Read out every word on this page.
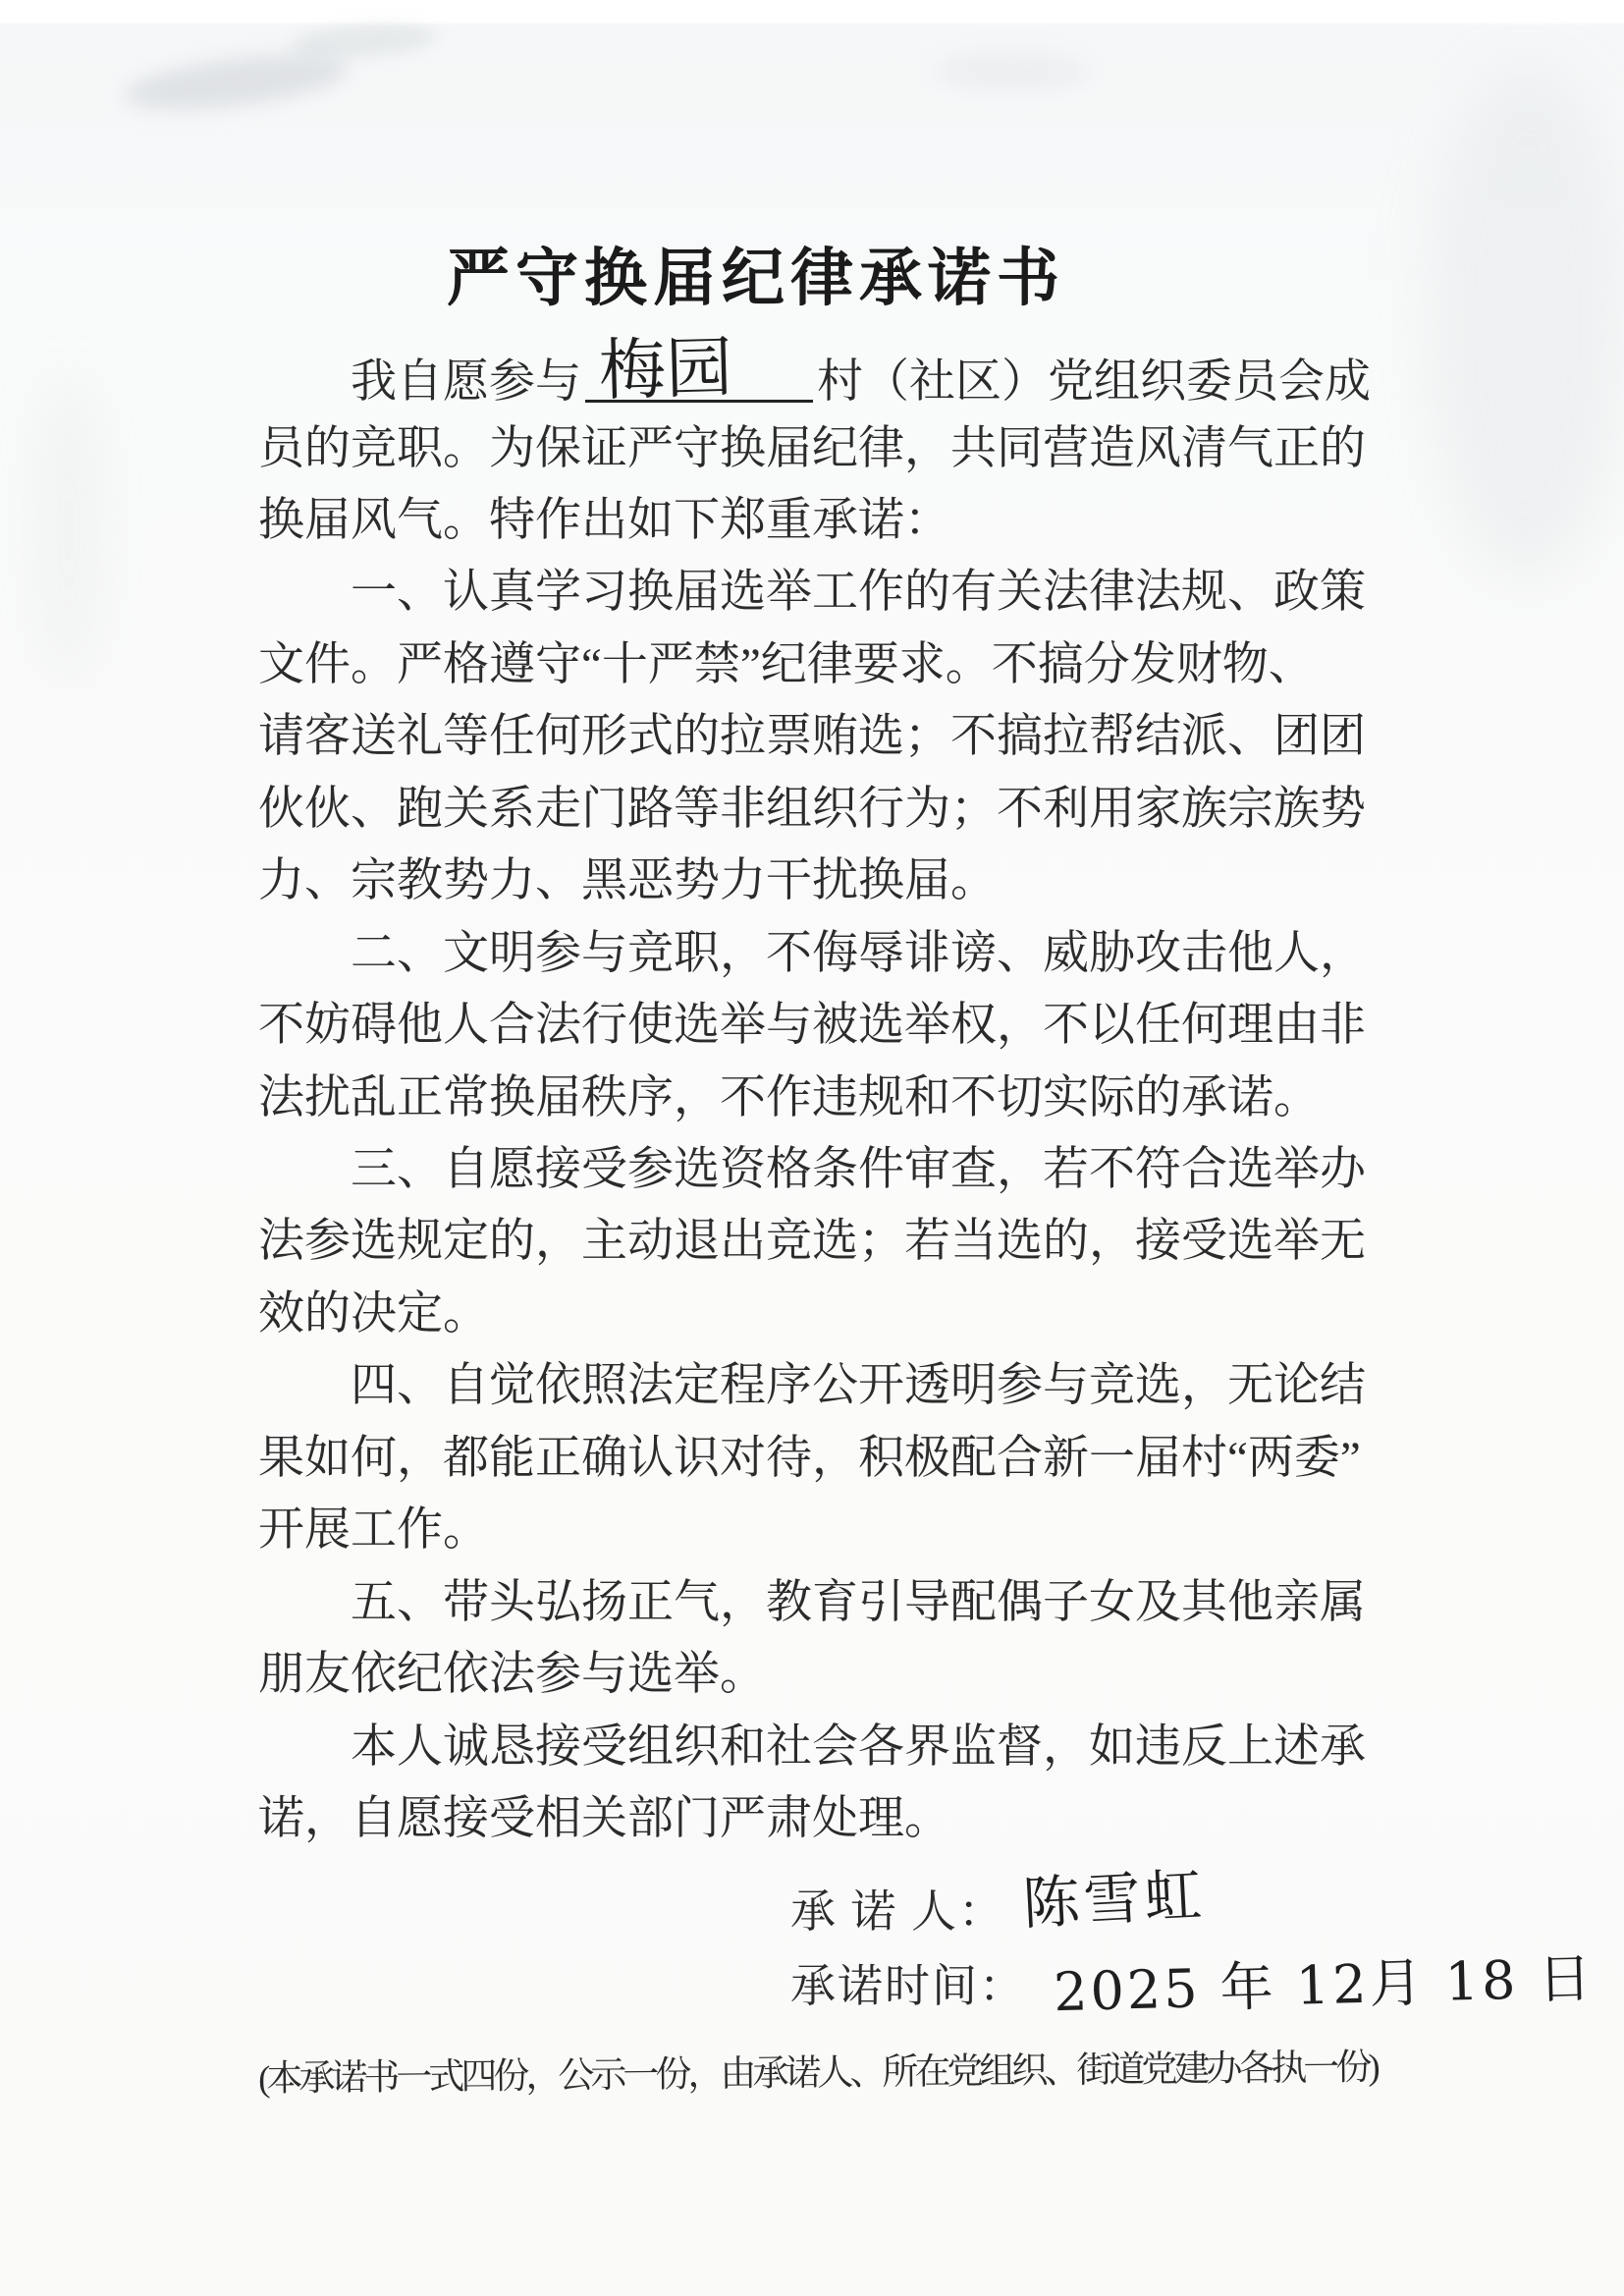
严守换届纪律承诺书
我自愿参与 梅园 村（社区）党组织委员会成
员的竞职。为保证严守换届纪律，共同营造风清气正的
换届风气。特作出如下郑重承诺：
一、认真学习换届选举工作的有关法律法规、政策
文件。严格遵守“十严禁”纪律要求。不搞分发财物、
请客送礼等任何形式的拉票贿选；不搞拉帮结派、团团
伙伙、跑关系走门路等非组织行为；不利用家族宗族势
力、宗教势力、黑恶势力干扰换届。
二、文明参与竞职，不侮辱诽谤、威胁攻击他人，
不妨碍他人合法行使选举与被选举权，不以任何理由非
法扰乱正常换届秩序，不作违规和不切实际的承诺。
三、自愿接受参选资格条件审查，若不符合选举办
法参选规定的，主动退出竞选；若当选的，接受选举无
效的决定。
四、自觉依照法定程序公开透明参与竞选，无论结
果如何，都能正确认识对待，积极配合新一届村“两委”
开展工作。
五、带头弘扬正气，教育引导配偶子女及其他亲属
朋友依纪依法参与选举。
本人诚恳接受组织和社会各界监督，如违反上述承
诺，自愿接受相关部门严肃处理。
承 诺 人： 陈雪虹
承诺时间： 2025 年 12月 18 日
(本承诺书一式四份，公示一份，由承诺人、所在党组织、街道党建办各执一份)
